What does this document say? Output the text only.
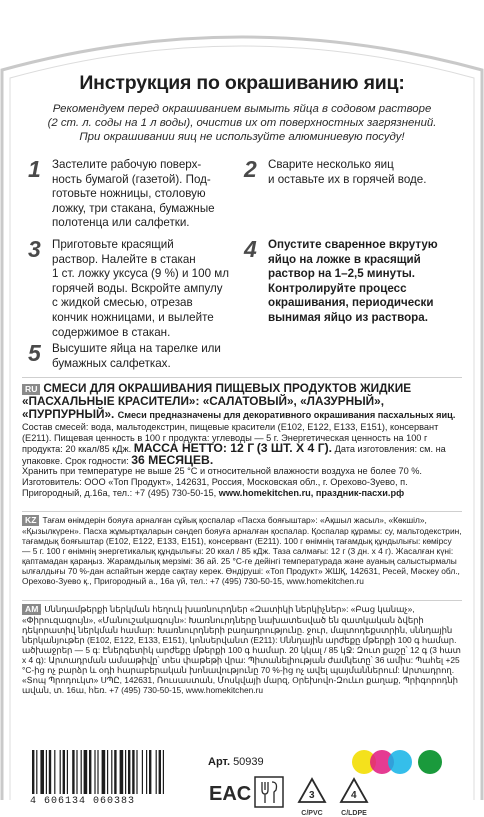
Инструкция по окрашиванию яиц:
Рекомендуем перед окрашиванием вымыть яйца в содовом растворе
(2 ст. л. соды на 1 л воды), очистив их от поверхностных загрязнений.
При окрашивании яиц не используйте алюминиевую посуду!
1 Застелите рабочую поверх-
ность бумагой (газетой). Под-
готовьте ножницы, столовую
ложку, три стакана, бумажные
полотенца или салфетки.
2 Сварите несколько яиц
и оставьте их в горячей воде.
3 Приготовьте красящий
раствор. Налейте в стакан
1 ст. ложку уксуса (9 %) и 100 мл
горячей воды. Вскройте ампулу
с жидкой смесью, отрезав
кончик ножницами, и вылейте
содержимое в стакан.
4 Опустите сваренное вкрутую
яйцо на ложке в красящий
раствор на 1–2,5 минуты.
Контролируйте процесс
окрашивания, периодически
вынимая яйцо из раствора.
5 Высушите яйца на тарелке или
бумажных салфетках.
RU СМЕСИ ДЛЯ ОКРАШИВАНИЯ ПИЩЕВЫХ ПРОДУКТОВ ЖИДКИЕ «ПАСХАЛЬНЫЕ КРАСИТЕЛИ»: «САЛАТОВЫЙ», «ЛАЗУРНЫЙ», «ПУРПУРНЫЙ». Смеси предназначены для декоративного окрашивания пасхальных яиц.
Состав смесей: вода, мальтодекстрин, пищевые красители (E102, E122, E133, E151), консервант (E211). Пищевая ценность в 100 г продукта: углеводы — 5 г. Энергетическая ценность на 100 г продукта: 20 ккал/85 кДж. МАССА НЕТТО: 12 Г (3 ШТ. Х 4 Г). Дата изготовления: см. на упаковке. Срок годности: 36 МЕСЯЦЕВ.
Хранить при температуре не выше 25 °С и относительной влажности воздуха не более 70 %.
Изготовитель: ООО «Топ Продукт», 142631, Россия, Московская обл., г. Орехово-Зуево, п. Пригородный, д.16а, тел.: +7 (495) 730-50-15, www.homekitchen.ru, праздник-пасхи.рф
KZ Тағам өнімдерін бояуға арналған сұйық қоспалар «Пасха бояғыштар»: «Ақшыл жасыл», «Көкшіл», «Қызылкүрен». Пасха жұмыртқаларын сәндеп бояуға арналған қоспалар. Қоспалар құрамы: су, мальтодекстрин, тағамдық бояғыштар (E102, E122, E133, E151), консервант (E211). 100 г өнімнің тағамдық құндылығы: көмірсу — 5 г. 100 г өнімнің энергетикалық құндылығы: 20 ккал / 85 кДж. Таза салмағы: 12 г (3 дн. х 4 г). Жасалған күні: қаптамадан қараңыз. Жарамдылық мерзімі: 36 ай. 25 °С-ге дейінгі температурада және ауаның салыстырмалы ылғалдығы 70 %-дан аспайтын жерде сақтау керек. Өндіруші: «Топ Продукт» ЖШҚ, 142631, Ресей, Мәскеу обл., Орехово-Зуево қ., Пригородный а., 16а үй, тел.: +7 (495) 730-50-15, www.homekitchen.ru
AM Սննդամթերքի ներկման հեղուկ խառնուրդներ «Զատիկի ներկիչներ»: «Բաց կանաչ», «Փիրուզագույն», «Մանուշակագույն»: Խառնուրդները նախատեսված են զատկական ձվերի դեկորատիվ ներկման համար: Խառնուրդների բաղադրությունը. ջուր, մալտոդեքստրին, սննդային ներկանյութեր (E102, E122, E133, E151), կոնսերվանտ (E211): Սննդային արժեքը մթերքի 100 գ համար. ածխաջրեր — 5 գ: Էներգետիկ արժեքը մթերքի 100 գ համար. 20 կկալ / 85 կՋ: Զուտ քաշը՝ 12 գ (3 հատ x 4 գ): Արտադրման ամսաթիվը՝ տես փաթեթի վրա: Պիտանելիության ժամկետը՝ 36 ամիս: Պահել +25 °C-ից ոչ բարձր և օդի հարաբերական խոնավությունը 70 %-ից ոչ ավել պայմաններում: Արտադրող. «Տոպ Պրոդուկտ» ՍՊԸ, 142631, Ռուսաստան, Մոսկվայի մարզ, Օրեխովո-Զուևո քաղաք, Պրիգորոդնի ավան, տ. 16ա, հեռ. +7 (495) 730-50-15, www.homekitchen.ru
4 606134 060383
Арт. 50939
EAC	3
C/PVC
4
C/LDPE
